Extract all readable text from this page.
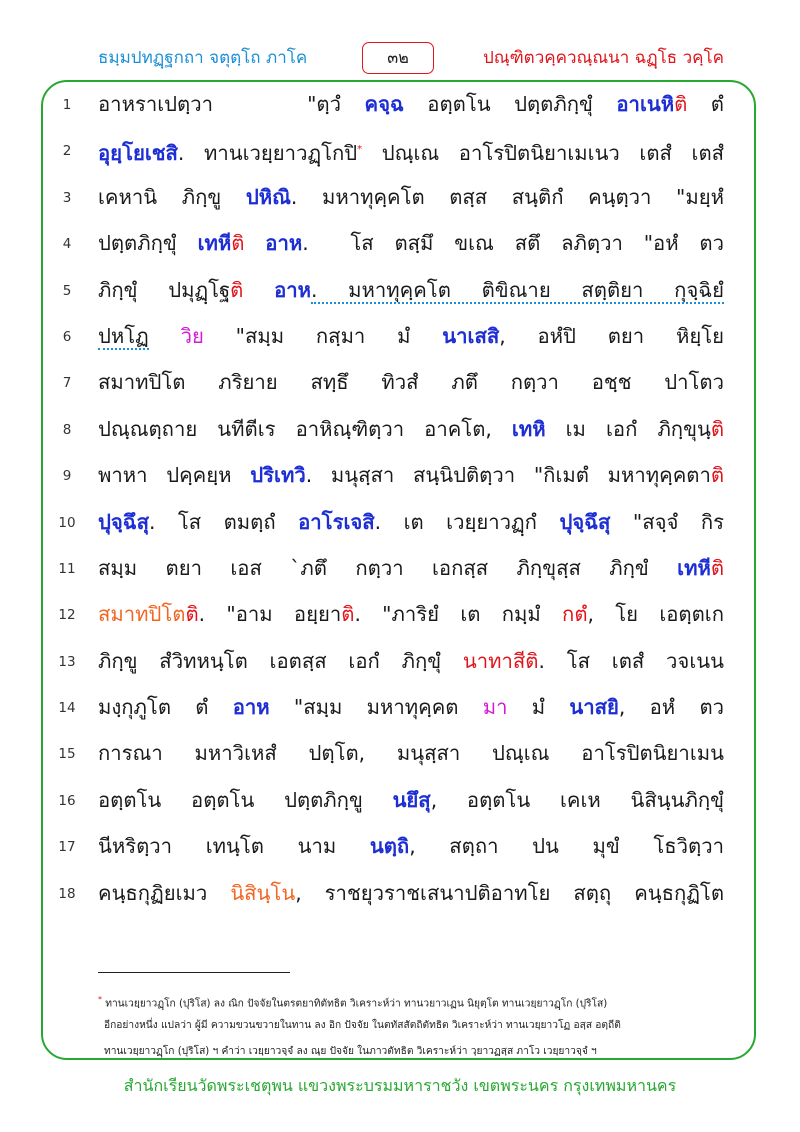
ธมฺมปทฏฺฐกถา จตุตฺโถ ภาโค	๓๒	ปณฺฑิตวคฺควณฺณนา ฉฏฺโธ วคฺโค
1	อาหราเปตฺวา    "ตฺวํ คจฺฉ อตฺตโน ปตฺตภิกฺขุํ อาเนหิติ ตํ
2	อุยฺโยเชสิ. ทานเวยฺยาวฏฺโกปิ* ปณฺเณ อาโรปิตนิยาเมเนว เตสํ เตสํ
3	เคหานิ ภิกฺขู ปหิณิ. มหาทุคฺคโต ตสฺส สนฺติกํ คนฺตฺวา "มยฺหํ
4	ปตฺตภิกฺขุํ เทหีติ อาห.  โส ตสฺมึ ขเณ สตึ ลภิตฺวา "อหํ ตว
5	ภิกฺขุํ ปมุฏฺโฐติ อาห. มหาทุคฺคโต ติขิณาย สตฺติยา กุจฺฉิยํ
6	ปหโฏ วิย "สมฺม กสฺมา มํ นาเสสิ, อหํปิ ตยา หิยฺโย
7	สมาทปิโต ภริยาย สทฺธึ ทิวสํ ภตึ กตฺวา อชฺช ปาโตว
8	ปณฺณตฺถาย นทีตีเร อาหิณฺฑิตฺวา อาคโต, เทหิ เม เอกํ ภิกฺขุนฺติ
9	พาหา ปคฺคยฺห ปริเทวิ. มนุสฺสา สนฺนิปติตฺวา "กิเมตํ มหาทุคฺคตาติ
10	ปุจฺฉึสุ. โส ตมตฺถํ อาโรเจสิ. เต เวยฺยาวฏฺกํ ปุจฺฉึสุ "สจฺจํ กิร
11	สมฺม ตยา เอส `ภตึ กตฺวา เอกสฺส ภิกฺขุสฺส ภิกฺขํ เทหีติ
12	สมาทปิโตติ. "อาม อยฺยาติ. "ภาริยํ เต กมฺมํ กตํ, โย เอตฺตเก
13	ภิกฺขู สํวิทหนฺโต เอตสฺส เอกํ ภิกฺขุํ นาทาสีติ. โส เตสํ วจเนน
14	มงฺกุภูโต ตํ อาห "สมฺม มหาทุคฺคต มา มํ นาสยิ, อหํ ตว
15	การณา มหาวิเหสํ ปตฺโต, มนุสฺสา ปณฺเณ อาโรปิตนิยาเมน
16	อตฺตโน อตฺตโน ปตฺตภิกฺขู นยึสุ, อตฺตโน เคเห นิสินฺนภิกฺขุํ
17	นีหริตฺวา เทนฺโต นาม นตฺถิ, สตฺถา ปน มุขํ โธวิตฺวา
18	คนฺธกุฏิยเมว นิสินฺโน, ราชยุวราชเสนาปติอาทโย สตฺถุ คนฺธกุฏิโต
* ทานเวยฺยาวฏฺโก (ปุริโส) ลง ณิก ปัจจัยในตรตยาทิตัทธิต วิเคราะห์ว่า ทานวยาวเฏน นิยุตฺโต ทานเวยฺยาวฏฺโก (ปุริโส)
อีกอย่างหนึ่ง แปลว่า ผู้มี ความขวนขวายในทาน ลง อิก ปัจจัย ในตทัสสัตถิตัทธิต วิเคราะห์ว่า ทานเวยฺยาวโฏ อสฺส อตฺถีติ
ทานเวยฺยาวฏฺโก (ปุริโส) ฯ คำว่า เวยฺยาวจฺจํ ลง ณฺย ปัจจัย ในภาวตัทธิต วิเคราะห์ว่า วฺยาวฏสฺส ภาโว เวยฺยาวจฺจํ ฯ
สำนักเรียนวัดพระเชตุพน แขวงพระบรมมหาราชวัง เขตพระนคร กรุงเทพมหานคร
